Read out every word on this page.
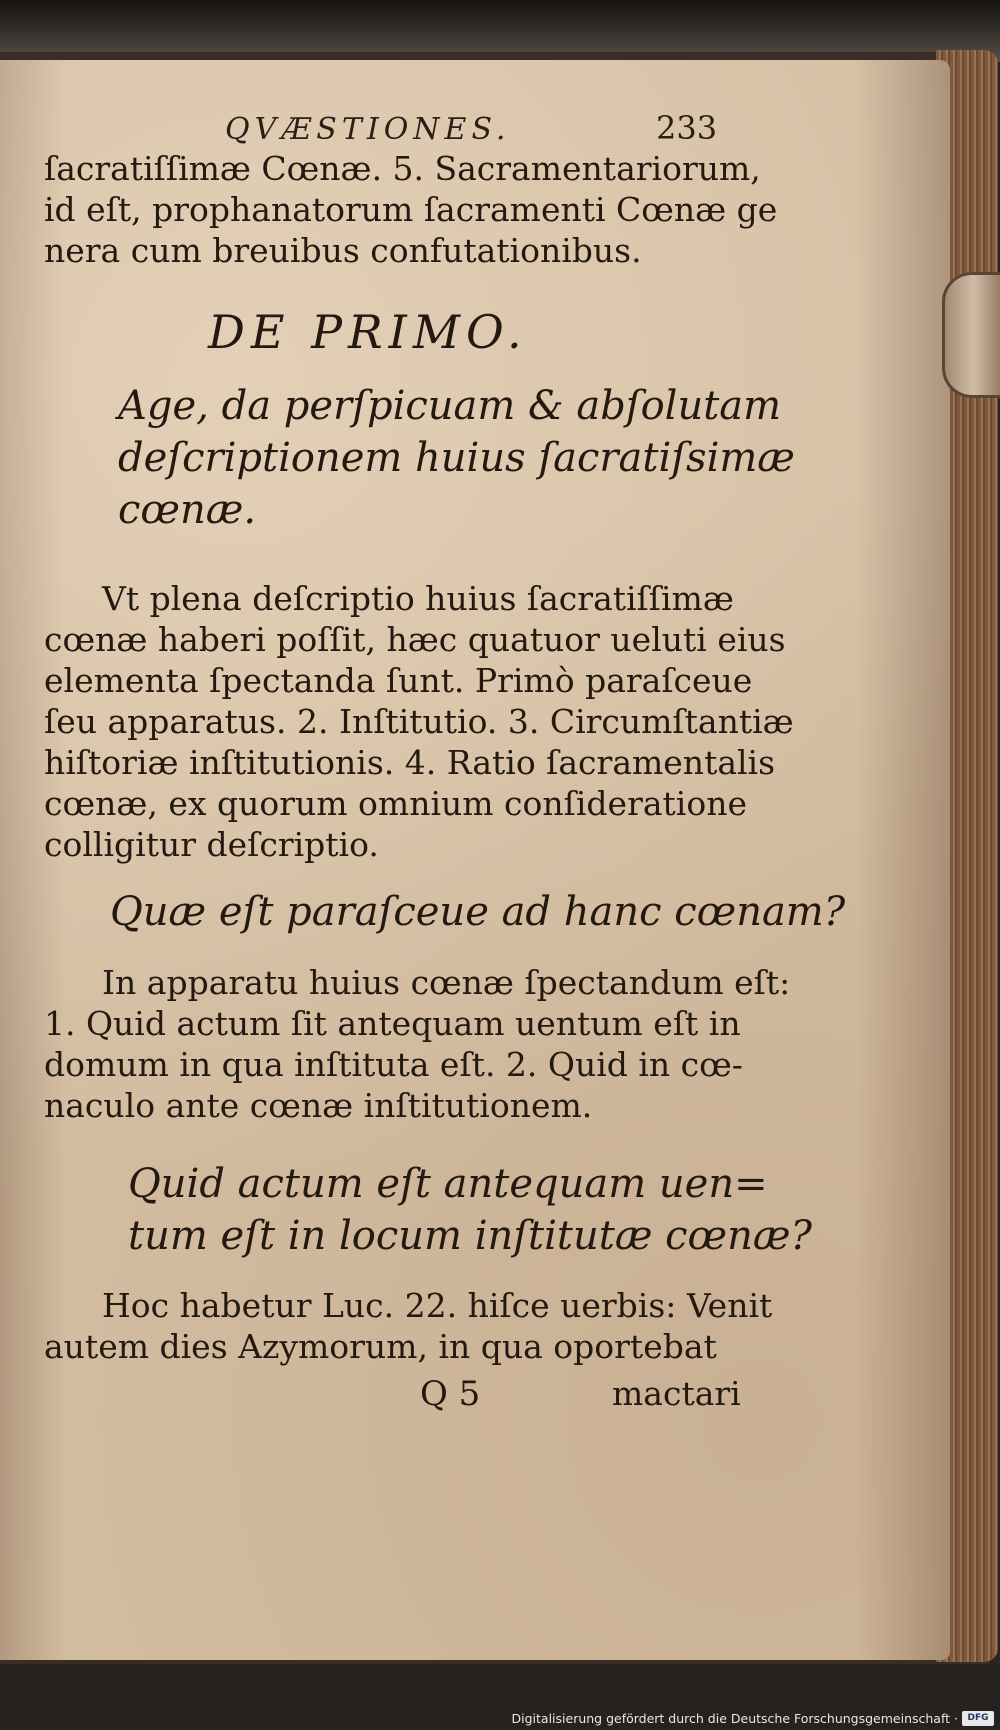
QVÆSTIONES.	233

ſacratiſſimæ Cœnæ. 5. Sacramentariorum,
id eſt, prophanatorum ſacramenti Cœnæ ge
nera cum breuibus confutationibus.

DE PRIMO.

Age, da perſpicuam & abſolutam
deſcriptionem huius ſacratiſsimæ
cœnæ.

Vt plena deſcriptio huius ſacratiſſimæ
cœnæ haberi poſſit, hæc quatuor ueluti eius
elementa ſpectanda ſunt. Primò paraſceue
ſeu apparatus. 2. Inſtitutio. 3. Circumſtantiæ
hiſtoriæ inſtitutionis. 4. Ratio ſacramentalis
cœnæ, ex quorum omnium conſideratione
colligitur deſcriptio.

Quæ eſt paraſceue ad hanc cœnam?

In apparatu huius cœnæ ſpectandum eſt:
1. Quid actum ſit antequam uentum eſt in
domum in qua inſtituta eſt. 2. Quid in cœ-
naculo ante cœnæ inſtitutionem.

Quid actum eſt antequam uen=
tum eſt in locum inſtitutæ cœnæ?

Hoc habetur Luc. 22. hiſce uerbis: Venit
autem dies Azymorum, in qua oportebat

Q 5	mactari
Digitalisierung gefördert durch die Deutsche Forschungsgemeinschaft ·	DFG
